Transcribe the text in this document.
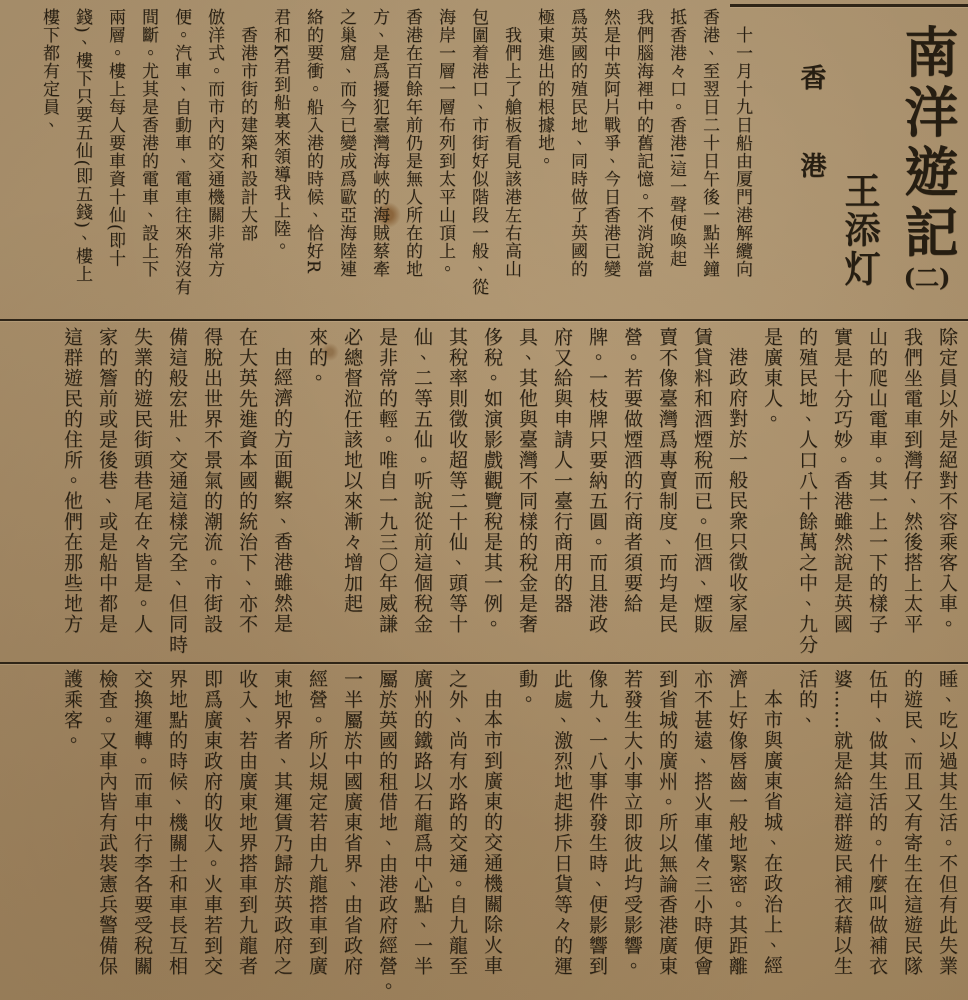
南洋遊記
(二)
王添灯
香港

十一月十九日船由厦門港解纜向

香港、至翌日二十日午後一點半鐘

抵香港々口。香港!這一聲便喚起

我們腦海裡中的舊記憶。不消說當

然是中英阿片戰爭、今日香港已變

爲英國的殖民地、同時做了英國的

極東進出的根據地。

我們上了艙板看見該港左右高山

包圍着港口、市街好似階段一般、從

海岸一層一層布列到太平山頂上。

香港在百餘年前仍是無人所在的地

方、是爲擾犯臺灣海峽的海賊蔡牽

之巢窟、而今已變成爲歐亞海陸連

絡的要衝。船入港的時候、恰好R

君和K君到船裏來領導我上陸。

香港市街的建築和設計大部

倣洋式。而市內的交通機關非常方

便。汽車、自動車、電車往來殆沒有

間斷。尤其是香港的電車、設上下

兩層。樓上每人要車資十仙(即十

錢)、樓下只要五仙(即五錢)、樓上

樓下都有定員、

除定員以外是絕對不容乘客入車。

我們坐電車到灣仔、然後搭上太平

山的爬山電車。其一上一下的樣子

實是十分巧妙。香港雖然說是英國

的殖民地、人口八十餘萬之中、九分

是廣東人。

港政府對於一般民衆只徵收家屋

賃貸料和酒煙稅而已。但酒、煙販

賣不像臺灣爲專賣制度、而均是民

營。若要做煙酒的行商者須要給

牌。一枝牌只要納五圓。而且港政

府又給與申請人一臺行商用的器

具、其他與臺灣不同樣的稅金是奢

侈稅。如演影戲觀覽稅是其一例。

其稅率則徵收超等二十仙、頭等十

仙、二等五仙。听說從前這個稅金

是非常的輕。唯自一九三〇年威謙

必總督涖任該地以來漸々增加起

來的。

由經濟的方面觀察、香港雖然是

在大英先進資本國的統治下、亦不

得脫出世界不景氣的潮流。市街設

備這般宏壯、交通這樣完全、但同時

失業的遊民街頭巷尾在々皆是。人

家的簷前或是後巷、或是船中都是

這群遊民的住所。他們在那些地方

睡、吃以過其生活。不但有此失業

的遊民、而且又有寄生在這遊民隊

伍中、做其生活的。什麼叫做補衣

婆……就是給這群遊民補衣藉以生

活的、

本市與廣東省城、在政治上、經

濟上好像唇齒一般地緊密。其距離

亦不甚遠、搭火車僅々三小時便會

到省城的廣州。所以無論香港廣東

若發生大小事立即彼此均受影響。

像九、一八事件發生時、便影響到

此處、激烈地起排斥日貨等々的運

動。

由本市到廣東的交通機關除火車

之外、尚有水路的交通。自九龍至

廣州的鐵路以石龍爲中心點、一半

屬於英國的租借地、由港政府經營。

一半屬於中國廣東省界、由省政府

經營。所以規定若由九龍搭車到廣

東地界者、其運賃乃歸於英政府之

收入、若由廣東地界搭車到九龍者

即爲廣東政府的收入。火車若到交

界地點的時候、機關士和車長互相

交換運轉。而車中行李各要受稅關

檢査。又車內皆有武裝憲兵警備保

護乘客。
